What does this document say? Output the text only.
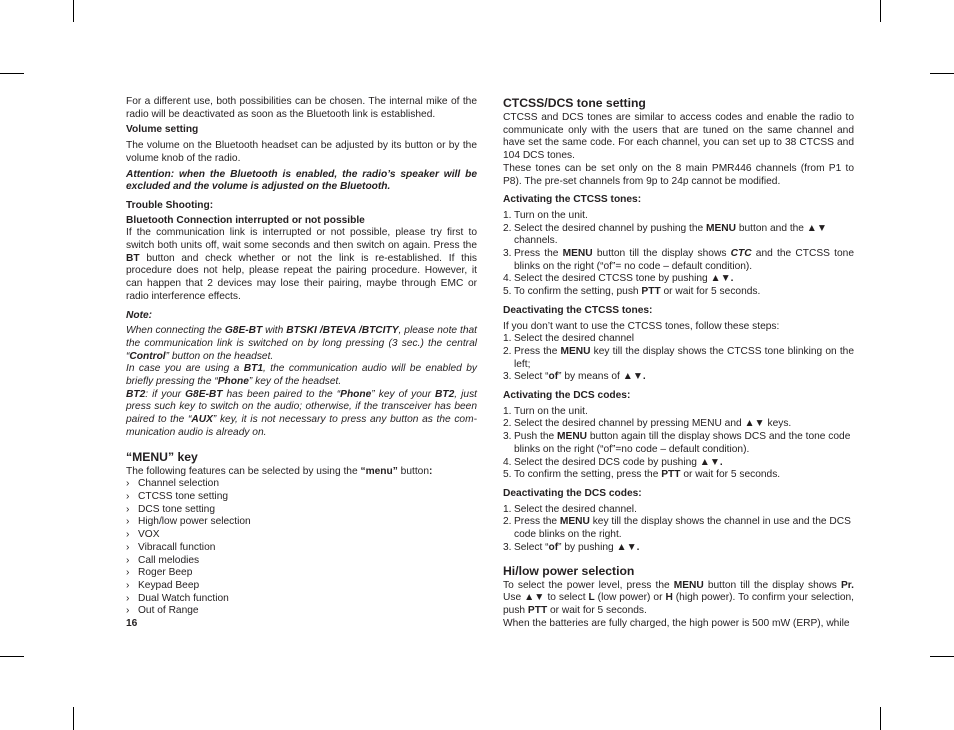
For a different use, both possibilities can be chosen. The internal mike of the radio will be deactivated as soon as the Bluetooth link is established.

Volume setting

The volume on the Bluetooth headset can be adjusted by its button or by the volume knob of the radio.

Attention: when the Bluetooth is enabled, the radio’s speaker will be excluded and the volume is adjusted on the Bluetooth.

Trouble Shooting:

Bluetooth Connection interrupted or not possible

If the communication link is interrupted or not possible, please try first to switch both units off, wait some seconds and then switch on again. Press the BT button and check whether or not the link is re-established. If this procedure does not help, please repeat the pairing procedure. However, it can happen that 2 devices may lose their pairing, maybe through EMC or radio interference effects.

Note:

When connecting the G8E-BT with BTSKI /BTEVA /BTCITY, please note that the communication link is switched on by long pressing (3 sec.) the central “Control” button on the headset.

In case you are using a BT1, the communication audio will be enabled by briefly pressing the “Phone” key of the headset.

BT2: if your G8E-BT has been paired to the “Phone” key of your BT2, just press such key to switch on the audio; otherwise, if the transceiver has been paired to the “AUX” key, it is not necessary to press any button as the communication audio is already on.

“MENU” key

The following features can be selected by using the “menu” button:

› Channel selection
› CTCSS tone setting
› DCS tone setting
› High/low power selection
› VOX
› Vibracall function
› Call melodies
› Roger Beep
› Keypad Beep
› Dual Watch function
› Out of Range
16

CTCSS/DCS tone setting

CTCSS and DCS tones are similar to access codes and enable the radio to communicate only with the users that are tuned on the same channel and have set the same code. For each channel, you can set up to 38 CTCSS and 104 DCS tones.

These tones can be set only on the 8 main PMR446 channels (from P1 to P8). The pre-set channels from 9p to 24p cannot be modified.

Activating the CTCSS tones:

1. Turn on the unit.
2. Select the desired channel by pushing the MENU button and the ▲▼ channels.
3. Press the MENU button till the display shows CTC and the CTCSS tone blinks on the right (“of”= no code – default condition).
4. Select the desired CTCSS tone by pushing ▲▼.
5. To confirm the setting, push PTT or wait for 5 seconds.

Deactivating the CTCSS tones:

If you don’t want to use the CTCSS tones, follow these steps:

1. Select the desired channel
2. Press the MENU key till the display shows the CTCSS tone blinking on the left;
3. Select “of” by means of ▲▼.

Activating the DCS codes:

1. Turn on the unit.
2. Select the desired channel by pressing MENU and ▲▼ keys.
3. Push the MENU button again till the display shows DCS and the tone code blinks on the right (“of”=no code – default condition).
4. Select the desired DCS code by pushing ▲▼.
5. To confirm the setting, press the PTT or wait for 5 seconds.

Deactivating the DCS codes:

1. Select the desired channel.
2. Press the MENU key till the display shows the channel in use and the DCS code blinks on the right.
3. Select “of” by pushing ▲▼.

Hi/low power selection

To select the power level, press the MENU button till the display shows Pr. Use ▲▼ to select L (low power) or H (high power). To confirm your selection, push PTT or wait for 5 seconds.

When the batteries are fully charged, the high power is 500 mW (ERP), while
